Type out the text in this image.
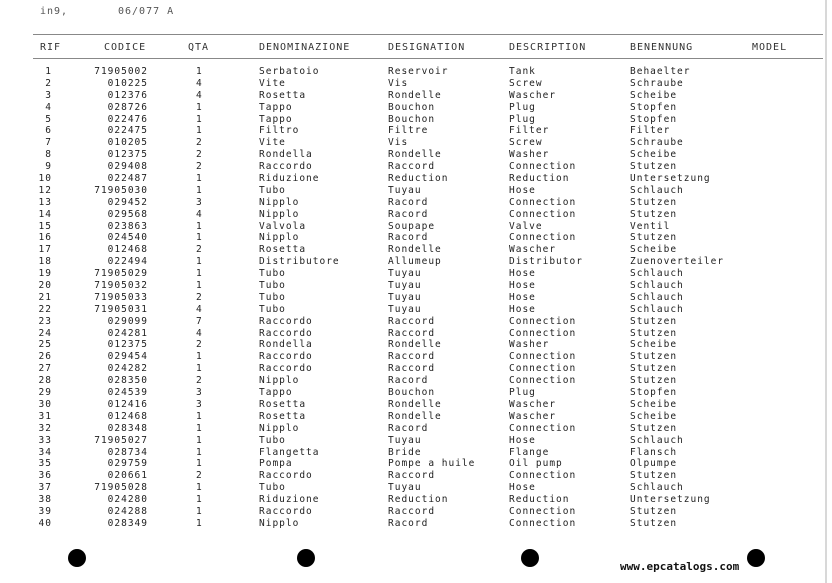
in9,	06/077 A
RIF	CODICE	QTA	DENOMINAZIONE	DESIGNATION	DESCRIPTION	BENENNUNG	MODEL
1	71905002	1	Serbatoio	Reservoir	Tank	Behaelter
2	010225	4	Vite	Vis	Screw	Schraube
3	012376	4	Rosetta	Rondelle	Wascher	Scheibe
4	028726	1	Tappo	Bouchon	Plug	Stopfen
5	022476	1	Tappo	Bouchon	Plug	Stopfen
6	022475	1	Filtro	Filtre	Filter	Filter
7	010205	2	Vite	Vis	Screw	Schraube
8	012375	2	Rondella	Rondelle	Washer	Scheibe
9	029408	2	Raccordo	Raccord	Connection	Stutzen
10	022487	1	Riduzione	Reduction	Reduction	Untersetzung
12	71905030	1	Tubo	Tuyau	Hose	Schlauch
13	029452	3	Nipplo	Racord	Connection	Stutzen
14	029568	4	Nipplo	Racord	Connection	Stutzen
15	023863	1	Valvola	Soupape	Valve	Ventil
16	024540	1	Nipplo	Racord	Connection	Stutzen
17	012468	2	Rosetta	Rondelle	Wascher	Scheibe
18	022494	1	Distributore	Allumeup	Distributor	Zuenoverteiler
19	71905029	1	Tubo	Tuyau	Hose	Schlauch
20	71905032	1	Tubo	Tuyau	Hose	Schlauch
21	71905033	2	Tubo	Tuyau	Hose	Schlauch
22	71905031	4	Tubo	Tuyau	Hose	Schlauch
23	029099	7	Raccordo	Raccord	Connection	Stutzen
24	024281	4	Raccordo	Raccord	Connection	Stutzen
25	012375	2	Rondella	Rondelle	Washer	Scheibe
26	029454	1	Raccordo	Raccord	Connection	Stutzen
27	024282	1	Raccordo	Raccord	Connection	Stutzen
28	028350	2	Nipplo	Racord	Connection	Stutzen
29	024539	3	Tappo	Bouchon	Plug	Stopfen
30	012416	3	Rosetta	Rondelle	Wascher	Scheibe
31	012468	1	Rosetta	Rondelle	Wascher	Scheibe
32	028348	1	Nipplo	Racord	Connection	Stutzen
33	71905027	1	Tubo	Tuyau	Hose	Schlauch
34	028734	1	Flangetta	Bride	Flange	Flansch
35	029759	1	Pompa	Pompe a huile	Oil pump	Olpumpe
36	020661	2	Raccordo	Raccord	Connection	Stutzen
37	71905028	1	Tubo	Tuyau	Hose	Schlauch
38	024280	1	Riduzione	Reduction	Reduction	Untersetzung
39	024288	1	Raccordo	Raccord	Connection	Stutzen
40	028349	1	Nipplo	Racord	Connection	Stutzen
www.epcatalogs.com
